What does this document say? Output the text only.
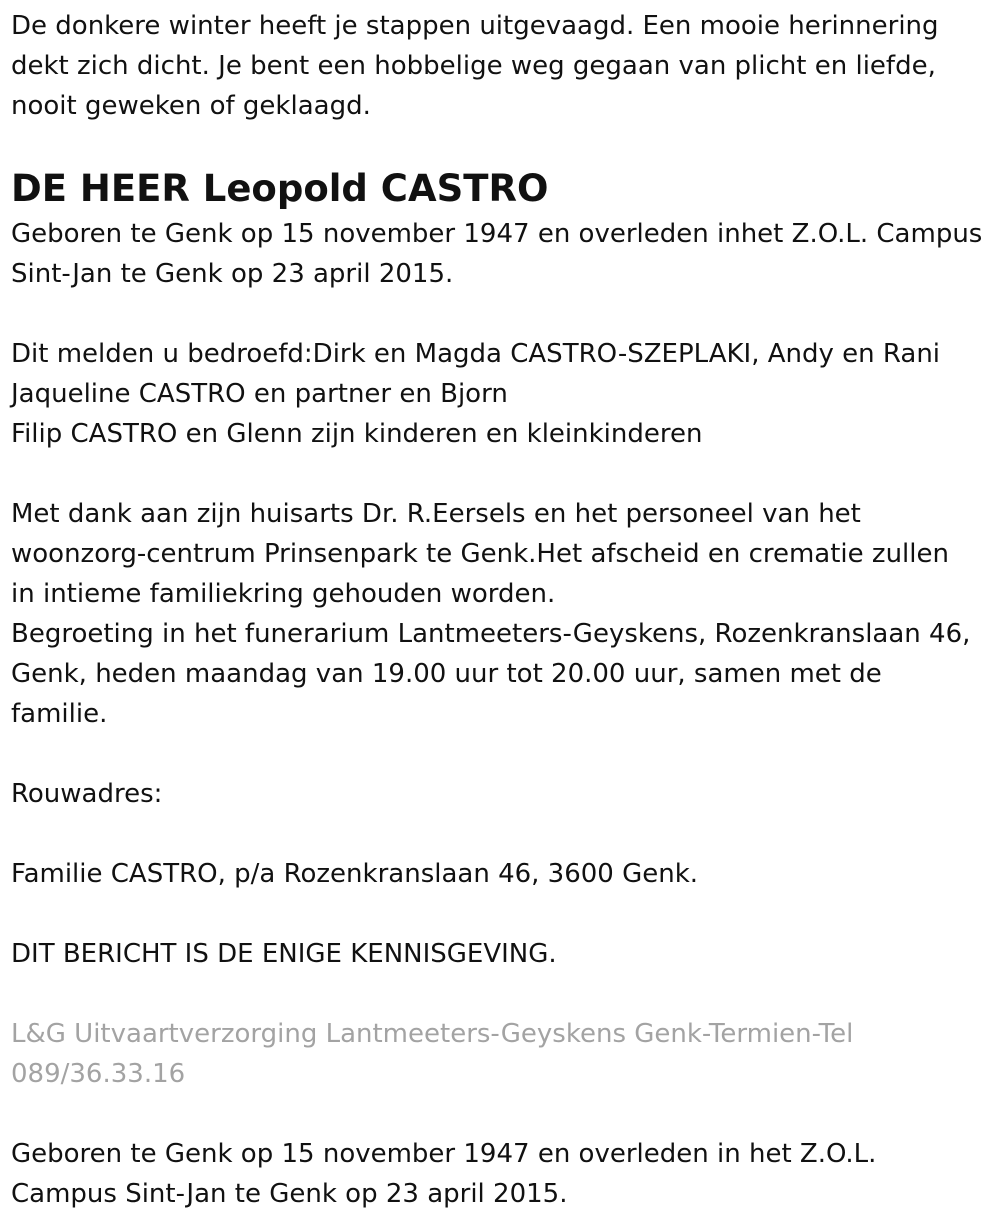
De donkere winter heeft je stappen uitgevaagd. Een mooie herinnering
dekt zich dicht. Je bent een hobbelige weg gegaan van plicht en liefde,
nooit geweken of geklaagd.
DE HEER Leopold CASTRO
Geboren te Genk op 15 november 1947 en overleden inhet Z.O.L. Campus
Sint-Jan te Genk op 23 april 2015.
Dit melden u bedroefd:Dirk en Magda CASTRO-SZEPLAKI, Andy en Rani
Jaqueline CASTRO en partner en Bjorn
Filip CASTRO en Glenn zijn kinderen en kleinkinderen
Met dank aan zijn huisarts Dr. R.Eersels en het personeel van het
woonzorg-centrum Prinsenpark te Genk.Het afscheid en crematie zullen
in intieme familiekring gehouden worden.
Begroeting in het funerarium Lantmeeters-Geyskens, Rozenkranslaan 46,
Genk, heden maandag van 19.00 uur tot 20.00 uur, samen met de
familie.
Rouwadres:
Familie CASTRO, p/a Rozenkranslaan 46, 3600 Genk.
DIT BERICHT IS DE ENIGE KENNISGEVING.
L&G Uitvaartverzorging Lantmeeters-Geyskens Genk-Termien-Tel
089/36.33.16
Geboren te Genk op 15 november 1947 en overleden in het Z.O.L.
Campus Sint-Jan te Genk op 23 april 2015.
